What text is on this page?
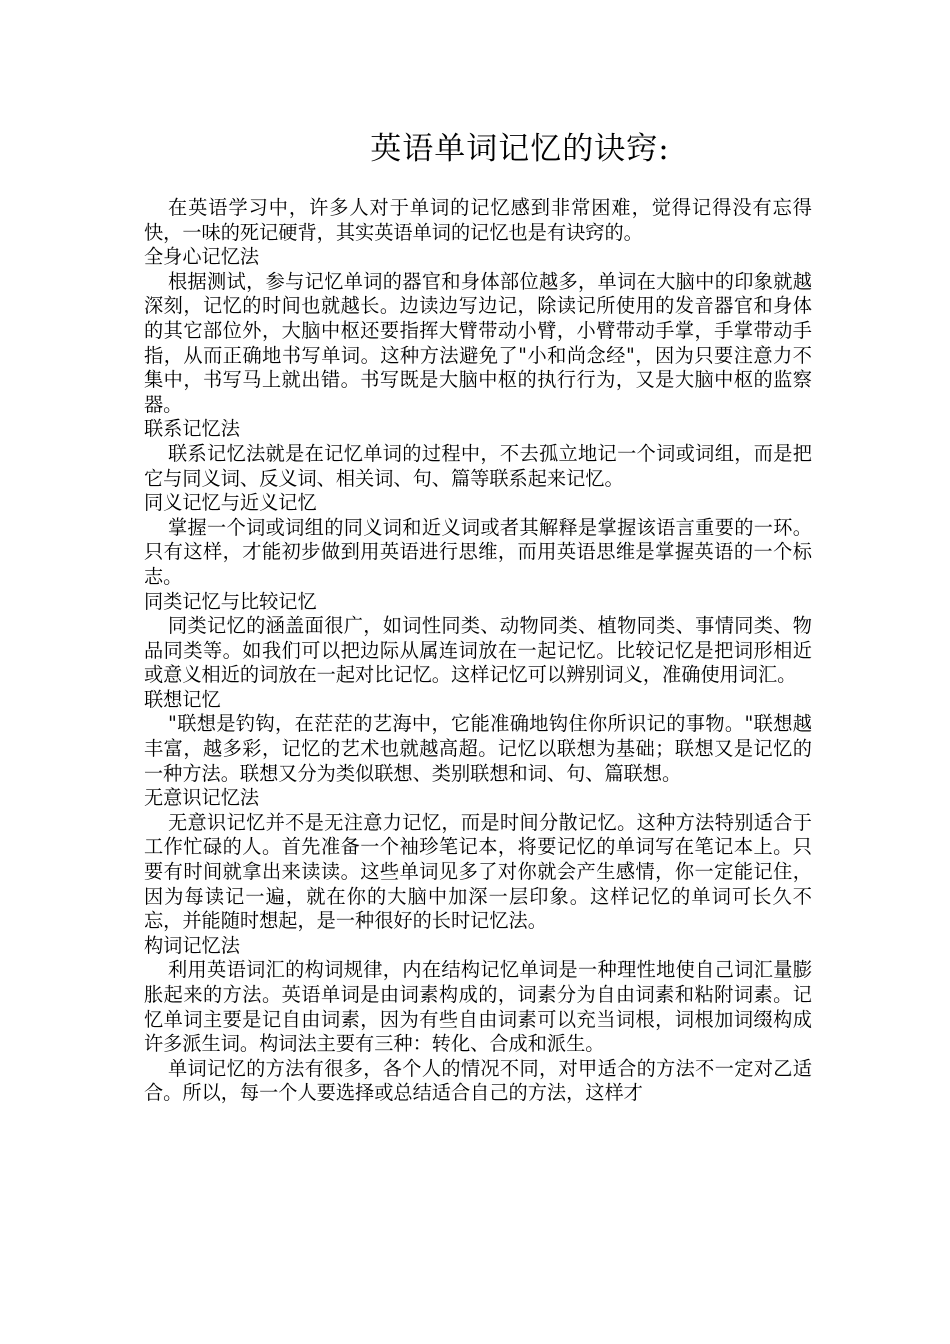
英语单词记忆的诀窍:

在英语学习中，许多人对于单词的记忆感到非常困难，觉得记得没有忘得快，一味的死记硬背，其实英语单词的记忆也是有诀窍的。

全身心记忆法

根据测试，参与记忆单词的器官和身体部位越多，单词在大脑中的印象就越深刻，记忆的时间也就越长。边读边写边记，除读记所使用的发音器官和身体的其它部位外，大脑中枢还要指挥大臂带动小臂，小臂带动手掌，手掌带动手指，从而正确地书写单词。这种方法避免了"小和尚念经"，因为只要注意力不集中，书写马上就出错。书写既是大脑中枢的执行行为，又是大脑中枢的监察器。

联系记忆法

联系记忆法就是在记忆单词的过程中，不去孤立地记一个词或词组，而是把它与同义词、反义词、相关词、句、篇等联系起来记忆。

同义记忆与近义记忆

掌握一个词或词组的同义词和近义词或者其解释是掌握该语言重要的一环。只有这样，才能初步做到用英语进行思维，而用英语思维是掌握英语的一个标志。

同类记忆与比较记忆

同类记忆的涵盖面很广，如词性同类、动物同类、植物同类、事情同类、物品同类等。如我们可以把边际从属连词放在一起记忆。比较记忆是把词形相近或意义相近的词放在一起对比记忆。这样记忆可以辨别词义，准确使用词汇。

联想记忆

"联想是钓钩，在茫茫的艺海中，它能准确地钩住你所识记的事物。"联想越丰富，越多彩，记忆的艺术也就越高超。记忆以联想为基础；联想又是记忆的一种方法。联想又分为类似联想、类别联想和词、句、篇联想。

无意识记忆法

无意识记忆并不是无注意力记忆，而是时间分散记忆。这种方法特别适合于工作忙碌的人。首先准备一个袖珍笔记本，将要记忆的单词写在笔记本上。只要有时间就拿出来读读。这些单词见多了对你就会产生感情，你一定能记住，因为每读记一遍，就在你的大脑中加深一层印象。这样记忆的单词可长久不忘，并能随时想起，是一种很好的长时记忆法。

构词记忆法

利用英语词汇的构词规律，内在结构记忆单词是一种理性地使自己词汇量膨胀起来的方法。英语单词是由词素构成的，词素分为自由词素和粘附词素。记忆单词主要是记自由词素，因为有些自由词素可以充当词根，词根加词缀构成许多派生词。构词法主要有三种：转化、合成和派生。

单词记忆的方法有很多，各个人的情况不同，对甲适合的方法不一定对乙适合。所以，每一个人要选择或总结适合自己的方法，这样才
